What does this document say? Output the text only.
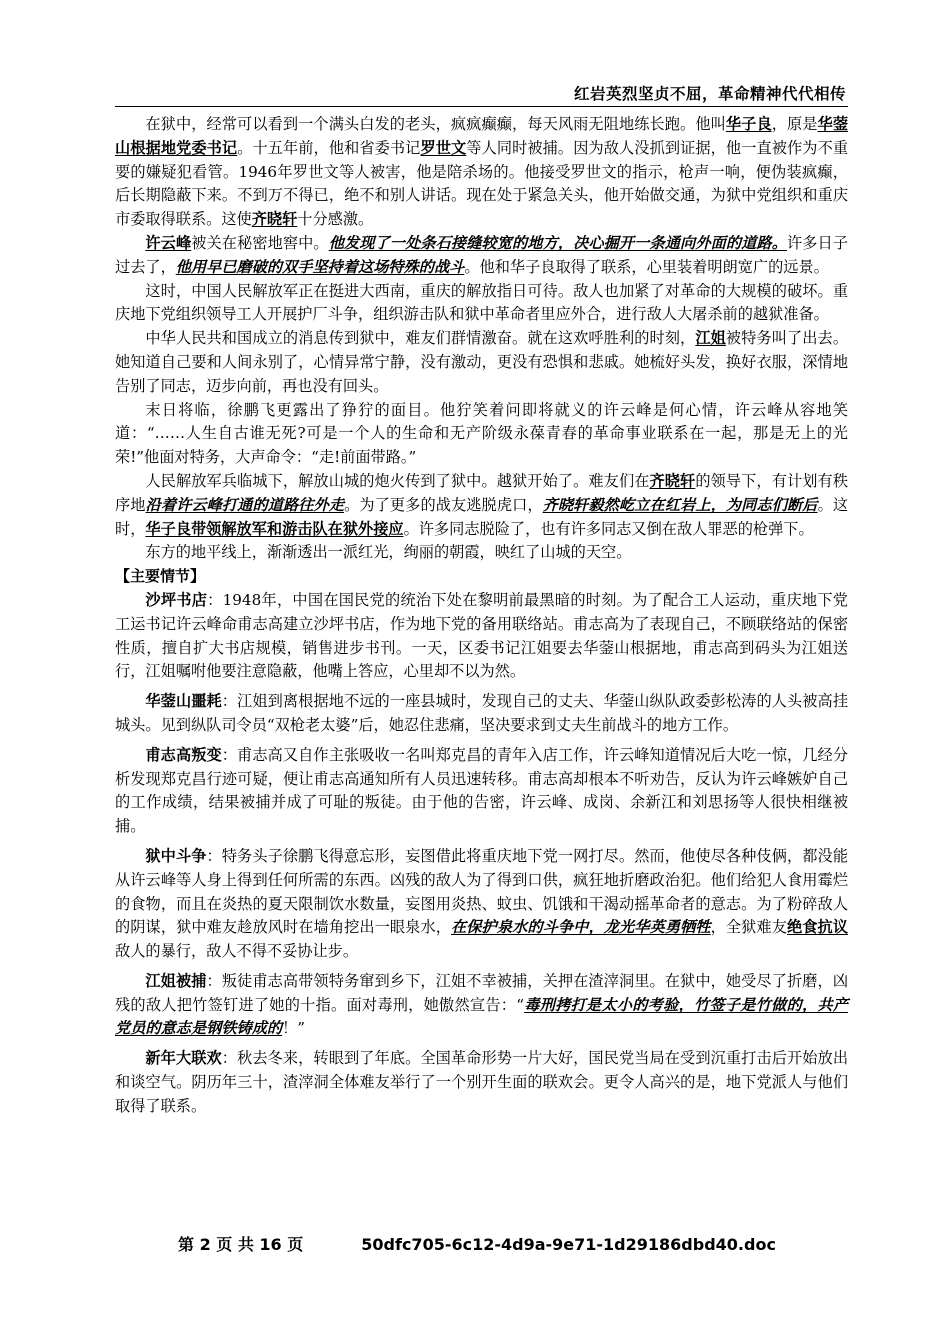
红岩英烈坚贞不屈，革命精神代代相传

在狱中，经常可以看到一个满头白发的老头，疯疯癫癫，每天风雨无阻地练长跑。他叫华子良，原是华蓥山根据地党委书记。十五年前，他和省委书记罗世文等人同时被捕。因为敌人没抓到证据，他一直被作为不重要的嫌疑犯看管。1946年罗世文等人被害，他是陪杀场的。他接受罗世文的指示，枪声一响，便伪装疯癫，后长期隐蔽下来。不到万不得已，绝不和别人讲话。现在处于紧急关头，他开始做交通，为狱中党组织和重庆市委取得联系。这使齐晓轩十分感激。

许云峰被关在秘密地窖中。他发现了一处条石接缝较宽的地方，决心掘开一条通向外面的道路。许多日子过去了，他用早已磨破的双手坚持着这场特殊的战斗。他和华子良取得了联系，心里装着明朗宽广的远景。

这时，中国人民解放军正在挺进大西南，重庆的解放指日可待。敌人也加紧了对革命的大规模的破坏。重庆地下党组织领导工人开展护厂斗争，组织游击队和狱中革命者里应外合，进行敌人大屠杀前的越狱准备。

中华人民共和国成立的消息传到狱中，难友们群情激奋。就在这欢呼胜利的时刻，江姐被特务叫了出去。她知道自己要和人间永别了，心情异常宁静，没有激动，更没有恐惧和悲戚。她梳好头发，换好衣服，深情地告别了同志，迈步向前，再也没有回头。

末日将临，徐鹏飞更露出了狰狞的面目。他狞笑着问即将就义的许云峰是何心情，许云峰从容地笑道：“……人生自古谁无死?可是一个人的生命和无产阶级永葆青春的革命事业联系在一起，那是无上的光荣!”他面对特务，大声命令：“走!前面带路。”

人民解放军兵临城下，解放山城的炮火传到了狱中。越狱开始了。难友们在齐晓轩的领导下，有计划有秩序地沿着许云峰打通的道路往外走。为了更多的战友逃脱虎口，齐晓轩毅然屹立在红岩上，为同志们断后。这时，华子良带领解放军和游击队在狱外接应。许多同志脱险了，也有许多同志又倒在敌人罪恶的枪弹下。

东方的地平线上，渐渐透出一派红光，绚丽的朝霞，映红了山城的天空。

【主要情节】

沙坪书店：1948年，中国在国民党的统治下处在黎明前最黑暗的时刻。为了配合工人运动，重庆地下党工运书记许云峰命甫志高建立沙坪书店，作为地下党的备用联络站。甫志高为了表现自己，不顾联络站的保密性质，擅自扩大书店规模，销售进步书刊。一天，区委书记江姐要去华蓥山根据地，甫志高到码头为江姐送行，江姐嘱咐他要注意隐蔽，他嘴上答应，心里却不以为然。

华蓥山噩耗：江姐到离根据地不远的一座县城时，发现自己的丈夫、华蓥山纵队政委彭松涛的人头被高挂城头。见到纵队司令员“双枪老太婆”后，她忍住悲痛，坚决要求到丈夫生前战斗的地方工作。

甫志高叛变：甫志高又自作主张吸收一名叫郑克昌的青年入店工作，许云峰知道情况后大吃一惊，几经分析发现郑克昌行迹可疑，便让甫志高通知所有人员迅速转移。甫志高却根本不听劝告，反认为许云峰嫉妒自己的工作成绩，结果被捕并成了可耻的叛徒。由于他的告密，许云峰、成岗、余新江和刘思扬等人很快相继被捕。

狱中斗争：特务头子徐鹏飞得意忘形，妄图借此将重庆地下党一网打尽。然而，他使尽各种伎俩，都没能从许云峰等人身上得到任何所需的东西。凶残的敌人为了得到口供，疯狂地折磨政治犯。他们给犯人食用霉烂的食物，而且在炎热的夏天限制饮水数量，妄图用炎热、蚊虫、饥饿和干渴动摇革命者的意志。为了粉碎敌人的阴谋，狱中难友趁放风时在墙角挖出一眼泉水，在保护泉水的斗争中，龙光华英勇牺牲，全狱难友绝食抗议敌人的暴行，敌人不得不妥协让步。

江姐被捕：叛徒甫志高带领特务窜到乡下，江姐不幸被捕，关押在渣滓洞里。在狱中，她受尽了折磨，凶残的敌人把竹签钉进了她的十指。面对毒刑，她傲然宣告：“毒刑拷打是太小的考验，竹签子是竹做的，共产党员的意志是钢铁铸成的！”

新年大联欢：秋去冬来，转眼到了年底。全国革命形势一片大好，国民党当局在受到沉重打击后开始放出和谈空气。阴历年三十，渣滓洞全体难友举行了一个别开生面的联欢会。更令人高兴的是，地下党派人与他们取得了联系。

第 2 页 共 16 页	50dfc705-6c12-4d9a-9e71-1d29186dbd40.doc
